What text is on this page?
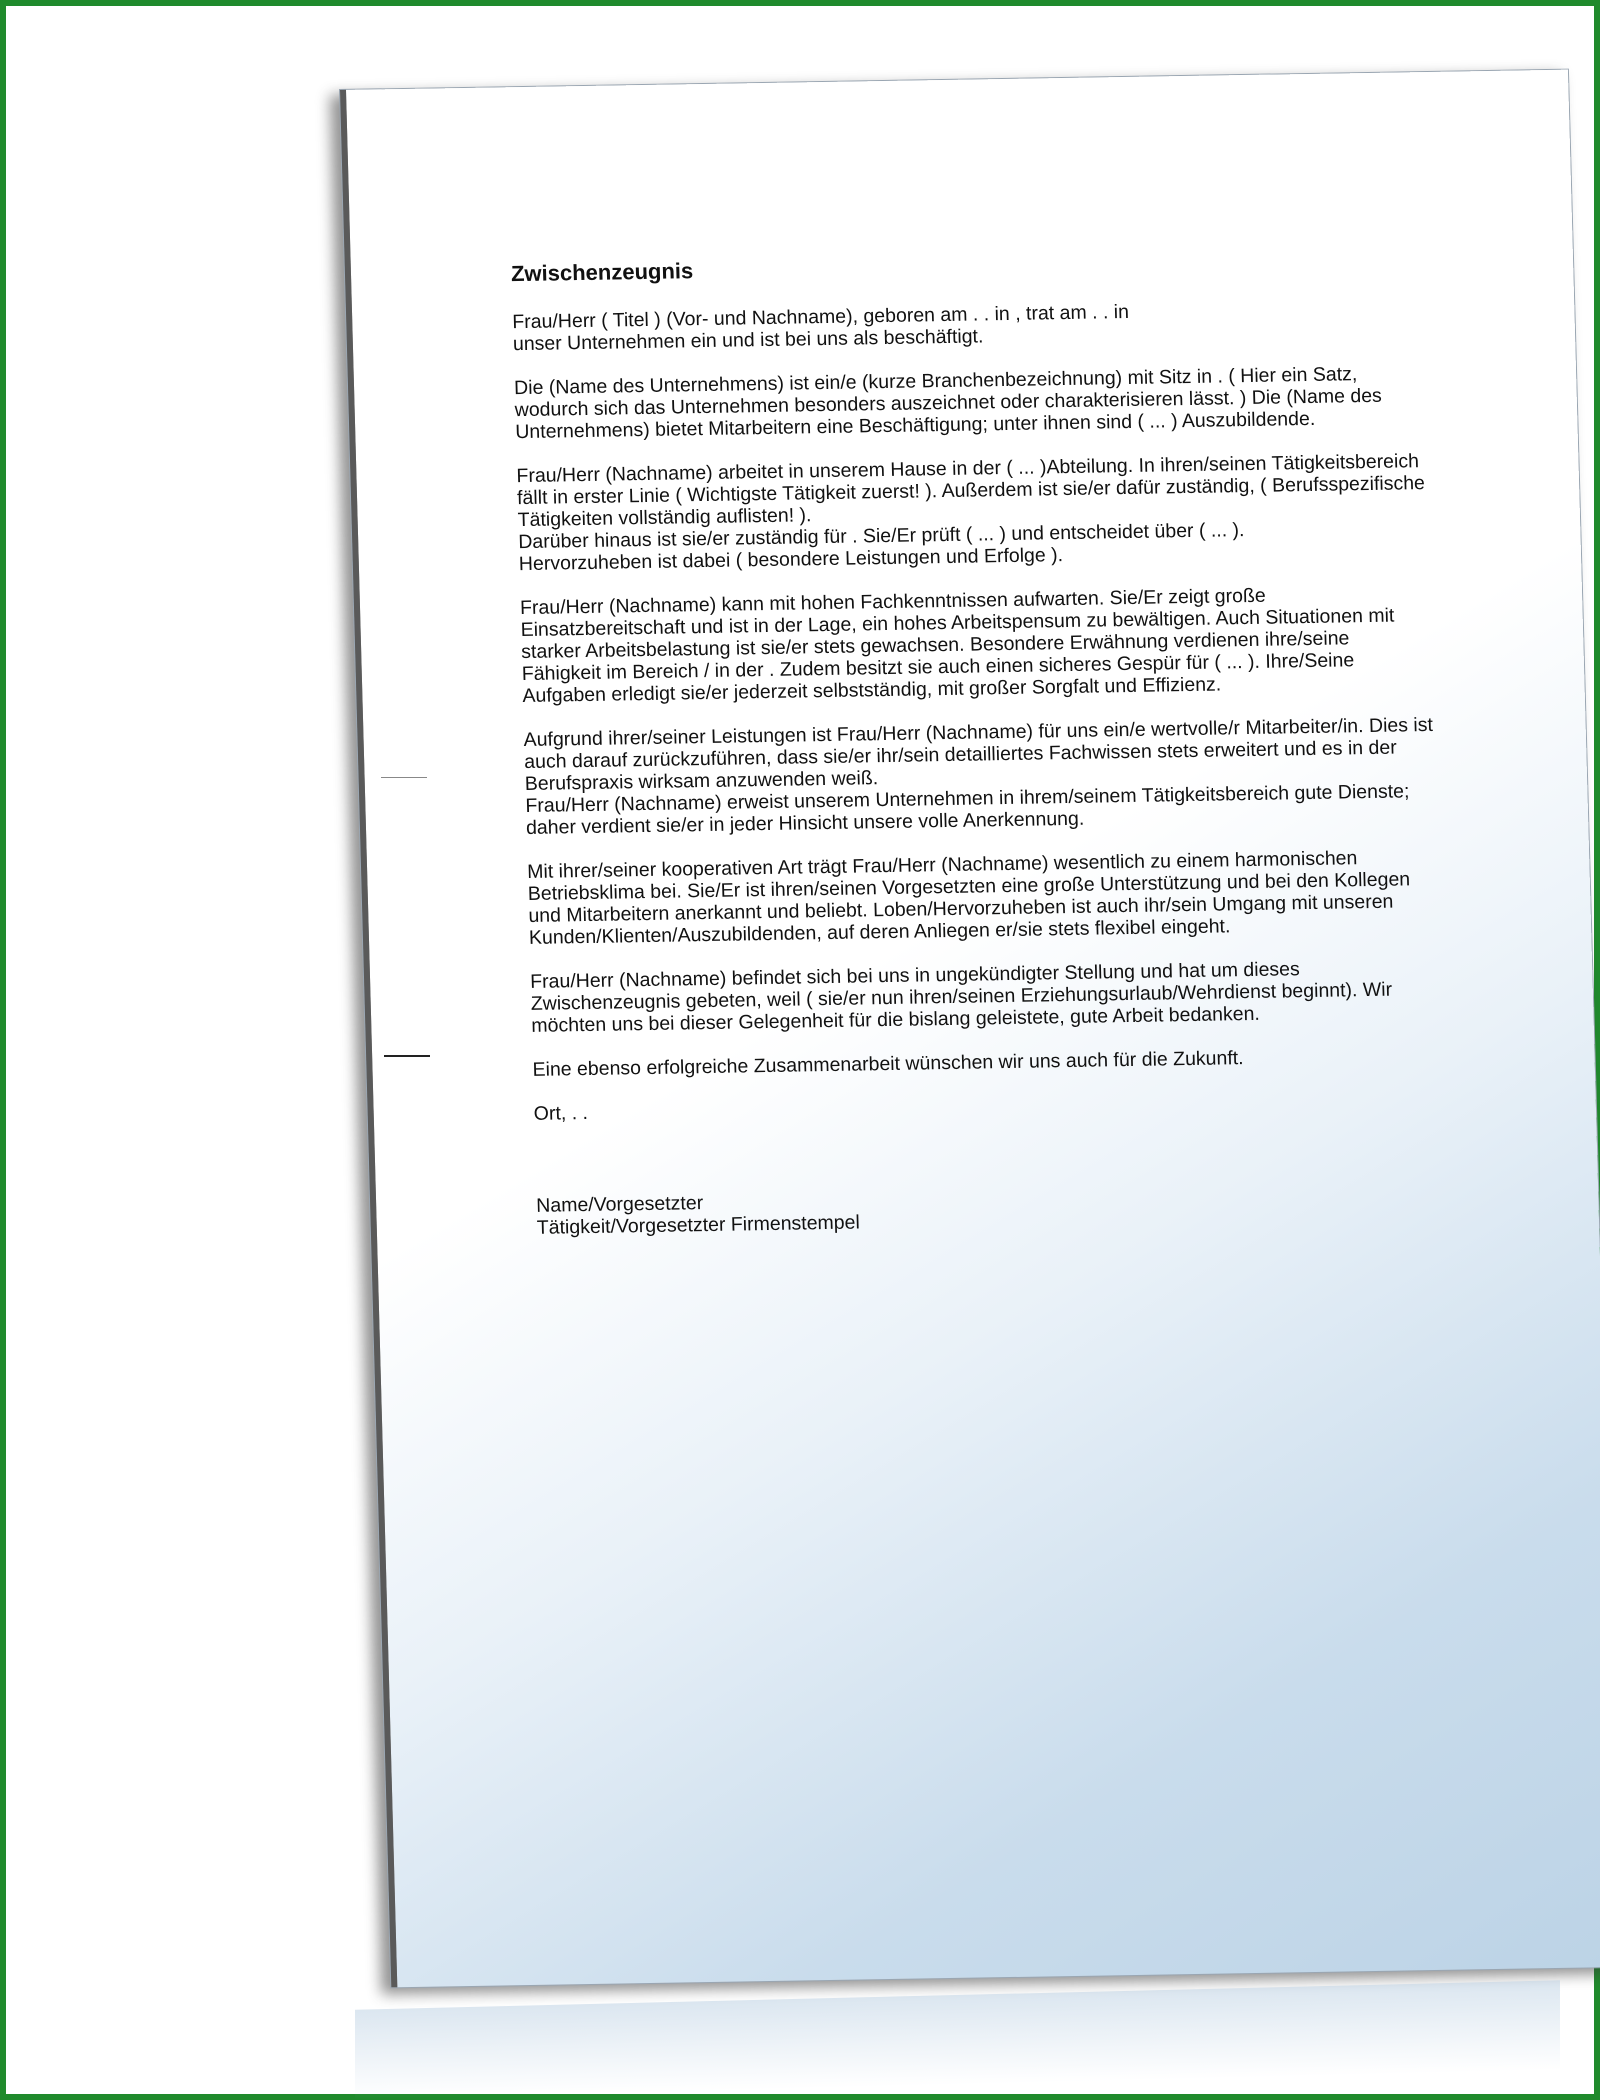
Zwischenzeugnis
Frau/Herr ( Titel ) (Vor- und Nachname), geboren am . . in , trat am . . in
unser Unternehmen ein und ist bei uns als beschäftigt.
Die (Name des Unternehmens) ist ein/e (kurze Branchenbezeichnung) mit Sitz in . ( Hier ein Satz,
wodurch sich das Unternehmen besonders auszeichnet oder charakterisieren lässt. ) Die (Name des
Unternehmens) bietet Mitarbeitern eine Beschäftigung; unter ihnen sind ( ... ) Auszubildende.
Frau/Herr (Nachname) arbeitet in unserem Hause in der ( ... )Abteilung. In ihren/seinen Tätigkeitsbereich
fällt in erster Linie ( Wichtigste Tätigkeit zuerst! ). Außerdem ist sie/er dafür zuständig, ( Berufsspezifische
Tätigkeiten vollständig auflisten! ).
Darüber hinaus ist sie/er zuständig für . Sie/Er prüft ( ... ) und entscheidet über ( ... ).
Hervorzuheben ist dabei ( besondere Leistungen und Erfolge ).
Frau/Herr (Nachname) kann mit hohen Fachkenntnissen aufwarten. Sie/Er zeigt große
Einsatzbereitschaft und ist in der Lage, ein hohes Arbeitspensum zu bewältigen. Auch Situationen mit
starker Arbeitsbelastung ist sie/er stets gewachsen. Besondere Erwähnung verdienen ihre/seine
Fähigkeit im Bereich / in der . Zudem besitzt sie auch einen sicheres Gespür für ( ... ). Ihre/Seine
Aufgaben erledigt sie/er jederzeit selbstständig, mit großer Sorgfalt und Effizienz.
Aufgrund ihrer/seiner Leistungen ist Frau/Herr (Nachname) für uns ein/e wertvolle/r Mitarbeiter/in. Dies ist
auch darauf zurückzuführen, dass sie/er ihr/sein detailliertes Fachwissen stets erweitert und es in der
Berufspraxis wirksam anzuwenden weiß.
Frau/Herr (Nachname) erweist unserem Unternehmen in ihrem/seinem Tätigkeitsbereich gute Dienste;
daher verdient sie/er in jeder Hinsicht unsere volle Anerkennung.
Mit ihrer/seiner kooperativen Art trägt Frau/Herr (Nachname) wesentlich zu einem harmonischen
Betriebsklima bei. Sie/Er ist ihren/seinen Vorgesetzten eine große Unterstützung und bei den Kollegen
und Mitarbeitern anerkannt und beliebt. Loben/Hervorzuheben ist auch ihr/sein Umgang mit unseren
Kunden/Klienten/Auszubildenden, auf deren Anliegen er/sie stets flexibel eingeht.
Frau/Herr (Nachname) befindet sich bei uns in ungekündigter Stellung und hat um dieses
Zwischenzeugnis gebeten, weil ( sie/er nun ihren/seinen Erziehungsurlaub/Wehrdienst beginnt). Wir
möchten uns bei dieser Gelegenheit für die bislang geleistete, gute Arbeit bedanken.
Eine ebenso erfolgreiche Zusammenarbeit wünschen wir uns auch für die Zukunft.
Ort, . .
Name/Vorgesetzter
Tätigkeit/Vorgesetzter Firmenstempel
